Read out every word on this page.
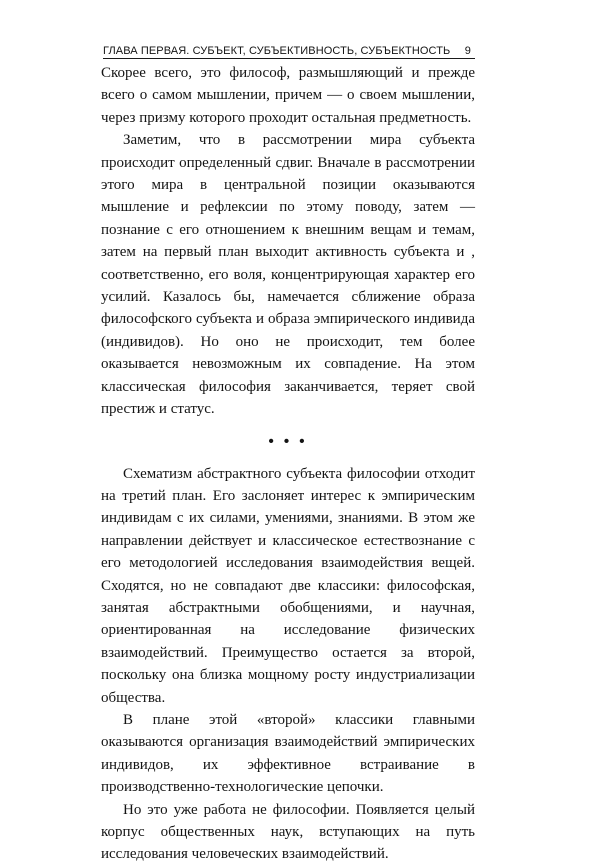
ГЛАВА ПЕРВАЯ. СУБЪЕКТ, СУБЪЕКТИВНОСТЬ, СУБЪЕКТНОСТЬ 9

Скорее всего, это философ, размышляющий и прежде всего о самом мышлении, причем — о своем мышлении, через призму которого проходит остальная предметность.

Заметим, что в рассмотрении мира субъекта происходит определенный сдвиг. Вначале в рассмотрении этого мира в центральной позиции оказываются мышление и рефлексии по этому поводу, затем — познание с его отношением к внешним вещам и темам, затем на первый план выходит активность субъекта и , соответственно, его воля, концентрирующая характер его усилий. Казалось бы, намечается сближение образа философского субъекта и образа эмпирического индивида (индивидов). Но оно не происходит, тем более оказывается невозможным их совпадение. На этом классическая философия заканчивается, теряет свой престиж и статус.

• • •

Схематизм абстрактного субъекта философии отходит на третий план. Его заслоняет интерес к эмпирическим индивидам с их силами, умениями, знаниями. В этом же направлении действует и классическое естествознание с его методологией исследования взаимодействия вещей. Сходятся, но не совпадают две классики: философская, занятая абстрактными обобщениями, и научная, ориентированная на исследование физических взаимодействий. Преимущество остается за второй, поскольку она близка мощному росту индустриализации общества.

В плане этой «второй» классики главными оказываются организация взаимодействий эмпирических индивидов, их эффективное встраивание в производственно-технологические цепочки.

Но это уже работа не философии. Появляется целый корпус общественных наук, вступающих на путь исследования человеческих взаимодействий.
